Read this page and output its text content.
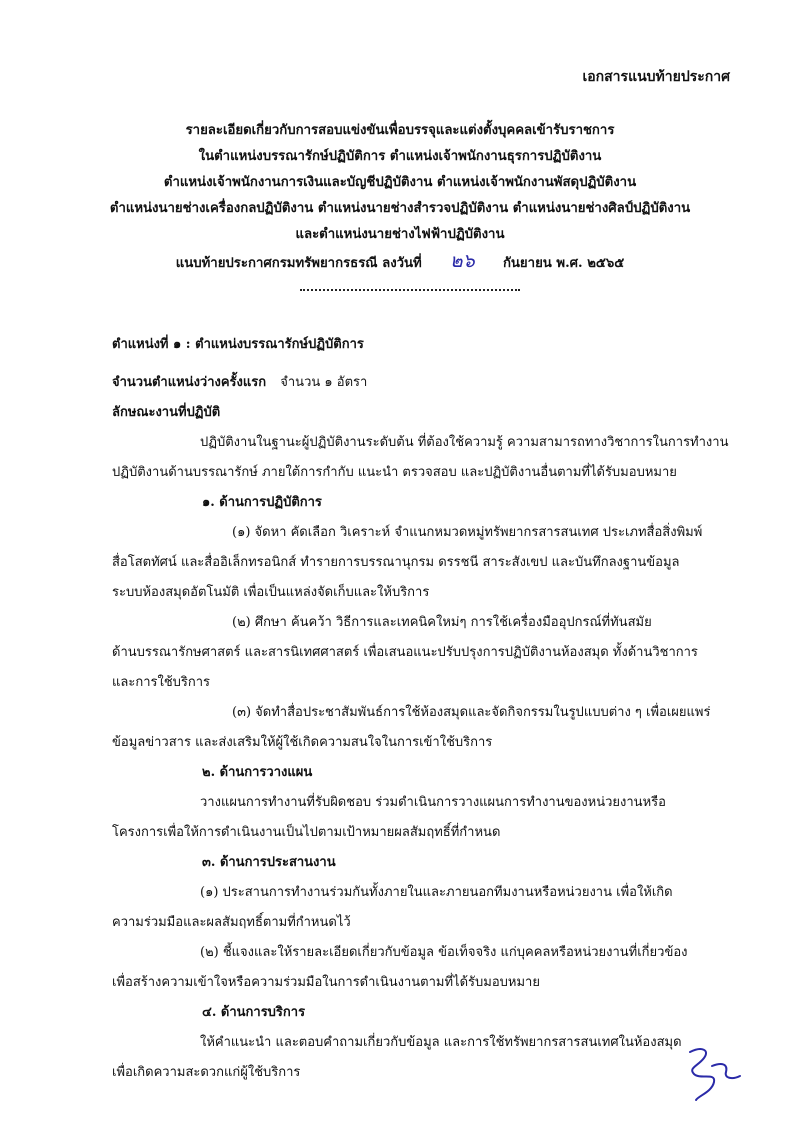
เอกสารแนบท้ายประกาศ
รายละเอียดเกี่ยวกับการสอบแข่งขันเพื่อบรรจุและแต่งตั้งบุคคลเข้ารับราชการ
ในตำแหน่งบรรณารักษ์ปฏิบัติการ ตำแหน่งเจ้าพนักงานธุรการปฏิบัติงาน
ตำแหน่งเจ้าพนักงานการเงินและบัญชีปฏิบัติงาน ตำแหน่งเจ้าพนักงานพัสดุปฏิบัติงาน
ตำแหน่งนายช่างเครื่องกลปฏิบัติงาน ตำแหน่งนายช่างสำรวจปฏิบัติงาน ตำแหน่งนายช่างศิลป์ปฏิบัติงาน
และตำแหน่งนายช่างไฟฟ้าปฏิบัติงาน
แนบท้ายประกาศกรมทรัพยากรธรณี ลงวันที่ ๒๖ กันยายน พ.ศ. ๒๕๖๕
ตำแหน่งที่ ๑ : ตำแหน่งบรรณารักษ์ปฏิบัติการ
จำนวนตำแหน่งว่างครั้งแรก จำนวน ๑ อัตรา
ลักษณะงานที่ปฏิบัติ
ปฏิบัติงานในฐานะผู้ปฏิบัติงานระดับต้น ที่ต้องใช้ความรู้ ความสามารถทางวิชาการในการทำงาน
ปฏิบัติงานด้านบรรณารักษ์ ภายใต้การกำกับ แนะนำ ตรวจสอบ และปฏิบัติงานอื่นตามที่ได้รับมอบหมาย
๑. ด้านการปฏิบัติการ
(๑) จัดหา คัดเลือก วิเคราะห์ จำแนกหมวดหมู่ทรัพยากรสารสนเทศ ประเภทสื่อสิ่งพิมพ์
สื่อโสตทัศน์ และสื่ออิเล็กทรอนิกส์ ทำรายการบรรณานุกรม ดรรชนี สาระสังเขป และบันทึกลงฐานข้อมูล
ระบบห้องสมุดอัตโนมัติ เพื่อเป็นแหล่งจัดเก็บและให้บริการ
(๒) ศึกษา ค้นคว้า วิธีการและเทคนิคใหม่ๆ การใช้เครื่องมืออุปกรณ์ที่ทันสมัย
ด้านบรรณารักษศาสตร์ และสารนิเทศศาสตร์ เพื่อเสนอแนะปรับปรุงการปฏิบัติงานห้องสมุด ทั้งด้านวิชาการ
และการใช้บริการ
(๓) จัดทำสื่อประชาสัมพันธ์การใช้ห้องสมุดและจัดกิจกรรมในรูปแบบต่าง ๆ เพื่อเผยแพร่
ข้อมูลข่าวสาร และส่งเสริมให้ผู้ใช้เกิดความสนใจในการเข้าใช้บริการ
๒. ด้านการวางแผน
วางแผนการทำงานที่รับผิดชอบ ร่วมดำเนินการวางแผนการทำงานของหน่วยงานหรือ
โครงการเพื่อให้การดำเนินงานเป็นไปตามเป้าหมายผลสัมฤทธิ์ที่กำหนด
๓. ด้านการประสานงาน
(๑) ประสานการทำงานร่วมกันทั้งภายในและภายนอกทีมงานหรือหน่วยงาน เพื่อให้เกิด
ความร่วมมือและผลสัมฤทธิ์ตามที่กำหนดไว้
(๒) ชี้แจงและให้รายละเอียดเกี่ยวกับข้อมูล ข้อเท็จจริง แก่บุคคลหรือหน่วยงานที่เกี่ยวข้อง
เพื่อสร้างความเข้าใจหรือความร่วมมือในการดำเนินงานตามที่ได้รับมอบหมาย
๔. ด้านการบริการ
ให้คำแนะนำ และตอบคำถามเกี่ยวกับข้อมูล และการใช้ทรัพยากรสารสนเทศในห้องสมุด
เพื่อเกิดความสะดวกแก่ผู้ใช้บริการ
